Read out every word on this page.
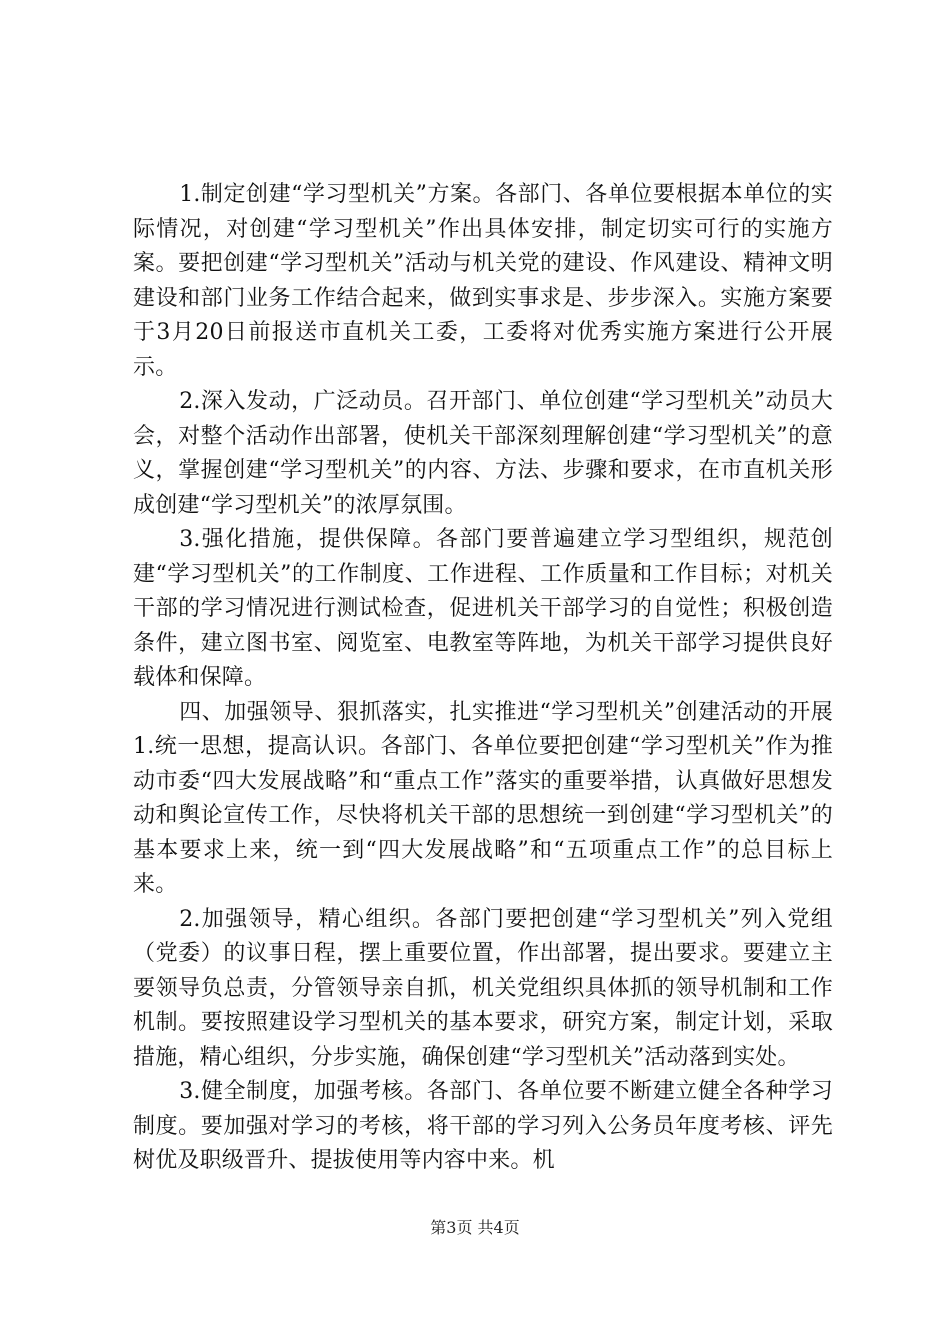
1.制定创建“学习型机关”方案。各部门、各单位要根据本单位的实际情况，对创建“学习型机关”作出具体安排，制定切实可行的实施方案。要把创建“学习型机关”活动与机关党的建设、作风建设、精神文明建设和部门业务工作结合起来，做到实事求是、步步深入。实施方案要于3月20日前报送市直机关工委，工委将对优秀实施方案进行公开展示。

2.深入发动，广泛动员。召开部门、单位创建“学习型机关”动员大会，对整个活动作出部署，使机关干部深刻理解创建“学习型机关”的意义，掌握创建“学习型机关”的内容、方法、步骤和要求，在市直机关形成创建“学习型机关”的浓厚氛围。

3.强化措施，提供保障。各部门要普遍建立学习型组织，规范创建“学习型机关”的工作制度、工作进程、工作质量和工作目标；对机关干部的学习情况进行测试检查，促进机关干部学习的自觉性；积极创造条件，建立图书室、阅览室、电教室等阵地，为机关干部学习提供良好载体和保障。

四、加强领导、狠抓落实，扎实推进“学习型机关”创建活动的开展1.统一思想，提高认识。各部门、各单位要把创建“学习型机关”作为推动市委“四大发展战略”和“重点工作”落实的重要举措，认真做好思想发动和舆论宣传工作，尽快将机关干部的思想统一到创建“学习型机关”的基本要求上来，统一到“四大发展战略”和“五项重点工作”的总目标上来。

2.加强领导，精心组织。各部门要把创建“学习型机关”列入党组（党委）的议事日程，摆上重要位置，作出部署，提出要求。要建立主要领导负总责，分管领导亲自抓，机关党组织具体抓的领导机制和工作机制。要按照建设学习型机关的基本要求，研究方案，制定计划，采取措施，精心组织，分步实施，确保创建“学习型机关”活动落到实处。

3.健全制度，加强考核。各部门、各单位要不断建立健全各种学习制度。要加强对学习的考核，将干部的学习列入公务员年度考核、评先树优及职级晋升、提拔使用等内容中来。机

第3页 共4页
